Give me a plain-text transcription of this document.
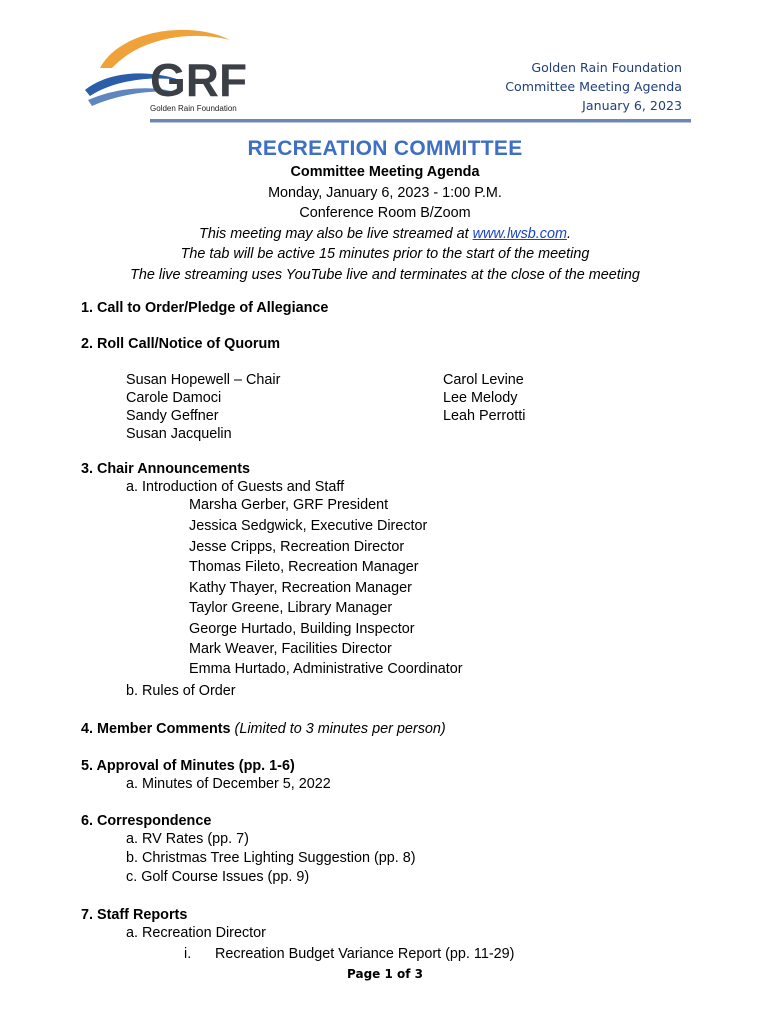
GRF
Golden Rain Foundation
Golden Rain Foundation
Committee Meeting Agenda
January 6, 2023
RECREATION COMMITTEE
Committee Meeting Agenda
Monday, January 6, 2023 - 1:00 P.M.
Conference Room B/Zoom
This meeting may also be live streamed at www.lwsb.com.
The tab will be active 15 minutes prior to the start of the meeting
The live streaming uses YouTube live and terminates at the close of the meeting
1. Call to Order/Pledge of Allegiance
2. Roll Call/Notice of Quorum
Susan Hopewell – Chair
Carole Damoci
Sandy Geffner
Susan Jacquelin
Carol Levine
Lee Melody
Leah Perrotti
3. Chair Announcements
a. Introduction of Guests and Staff
Marsha Gerber, GRF President
Jessica Sedgwick, Executive Director
Jesse Cripps, Recreation Director
Thomas Fileto, Recreation Manager
Kathy Thayer, Recreation Manager
Taylor Greene, Library Manager
George Hurtado, Building Inspector
Mark Weaver, Facilities Director
Emma Hurtado, Administrative Coordinator
b. Rules of Order
4. Member Comments (Limited to 3 minutes per person)
5. Approval of Minutes (pp. 1-6)
a. Minutes of December 5, 2022
6. Correspondence
a. RV Rates (pp. 7)
b. Christmas Tree Lighting Suggestion (pp. 8)
c. Golf Course Issues (pp. 9)
7. Staff Reports
a. Recreation Director
i. Recreation Budget Variance Report (pp. 11-29)
Page 1 of 3
